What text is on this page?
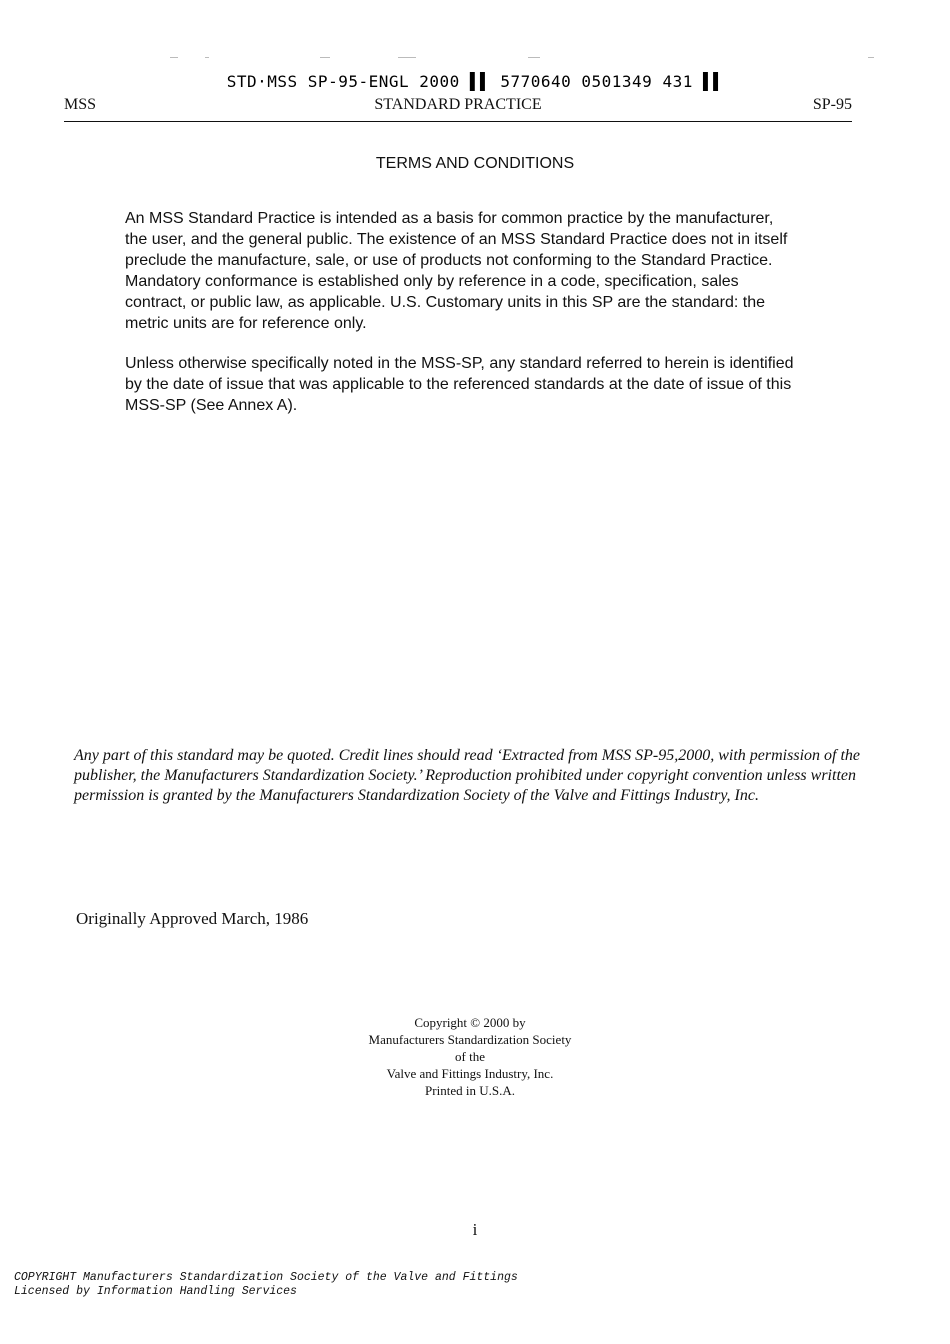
STD·MSS SP-95-ENGL 2000 ▌▌ 5770640 0501349 431 ▌▌
MSS	STANDARD PRACTICE	SP-95
TERMS AND CONDITIONS
An MSS Standard Practice is intended as a basis for common practice by the manufacturer, the user, and the general public. The existence of an MSS Standard Practice does not in itself preclude the manufacture, sale, or use of products not conforming to the Standard Practice. Mandatory conformance is established only by reference in a code, specification, sales contract, or public law, as applicable. U.S. Customary units in this SP are the standard: the metric units are for reference only.
Unless otherwise specifically noted in the MSS-SP, any standard referred to herein is identified by the date of issue that was applicable to the referenced standards at the date of issue of this MSS-SP (See Annex A).
Any part of this standard may be quoted. Credit lines should read ‘Extracted from MSS SP-95,2000, with permission of the publisher, the Manufacturers Standardization Society.’ Reproduction prohibited under copyright convention unless written permission is granted by the Manufacturers Standardization Society of the Valve and Fittings Industry, Inc.
Originally Approved March, 1986
Copyright © 2000 by
Manufacturers Standardization Society
of the
Valve and Fittings Industry, Inc.
Printed in U.S.A.
i
COPYRIGHT Manufacturers Standardization Society of the Valve and Fittings
Licensed by Information Handling Services
